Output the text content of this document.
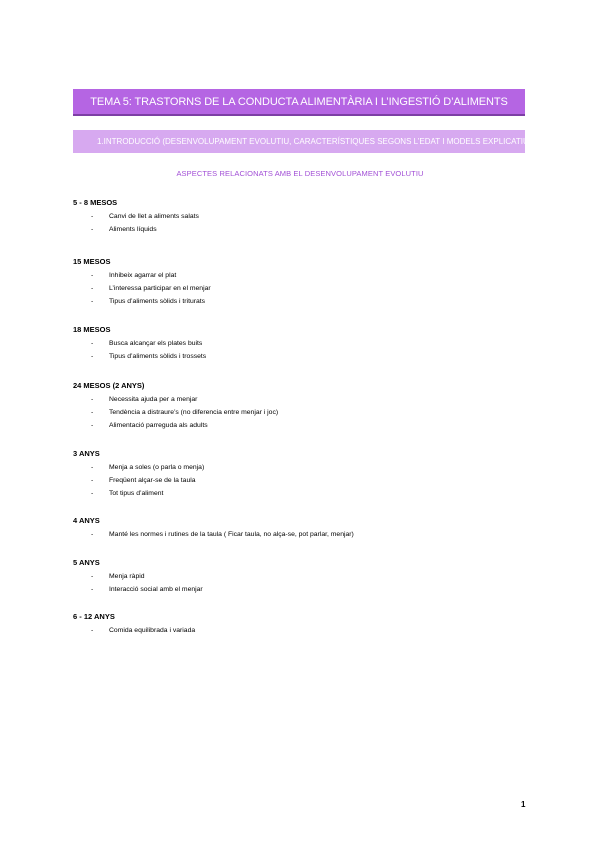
TEMA 5: TRASTORNS DE LA CONDUCTA ALIMENTÀRIA I L’INGESTIÓ D’ALIMENTS
1. INTRODUCCIÓ (DESENVOLUPAMENT EVOLUTIU, CARACTERÍSTIQUES SEGONS L’EDAT I MODELS EXPLICATIUS)
ASPECTES RELACIONATS AMB EL DESENVOLUPAMENT EVOLUTIU
5 - 8 MESOS
- Canvi de llet a aliments salats
- Aliments líquids
15 MESOS
- Inhibeix agarrar el plat
- L’interessa participar en el menjar
- Tipus d’aliments sòlids i triturats
18 MESOS
- Busca alcançar els plates buits
- Tipus d’aliments sòlids i trossets
24 MESOS (2 ANYS)
- Necessita ajuda per a menjar
- Tendència a distraure’s (no diferencia entre menjar i joc)
- Alimentació parreguda als adults
3 ANYS
- Menja a soles (o parla o menja)
- Freqüent alçar-se de la taula
- Tot tipus d’aliment
4 ANYS
- Manté les normes i rutines de la taula ( Ficar taula, no alça-se, pot parlar, menjar)
5 ANYS
- Menja ràpid
- Interacció social amb el menjar
6 - 12 ANYS
- Comida equilibrada i variada
1
